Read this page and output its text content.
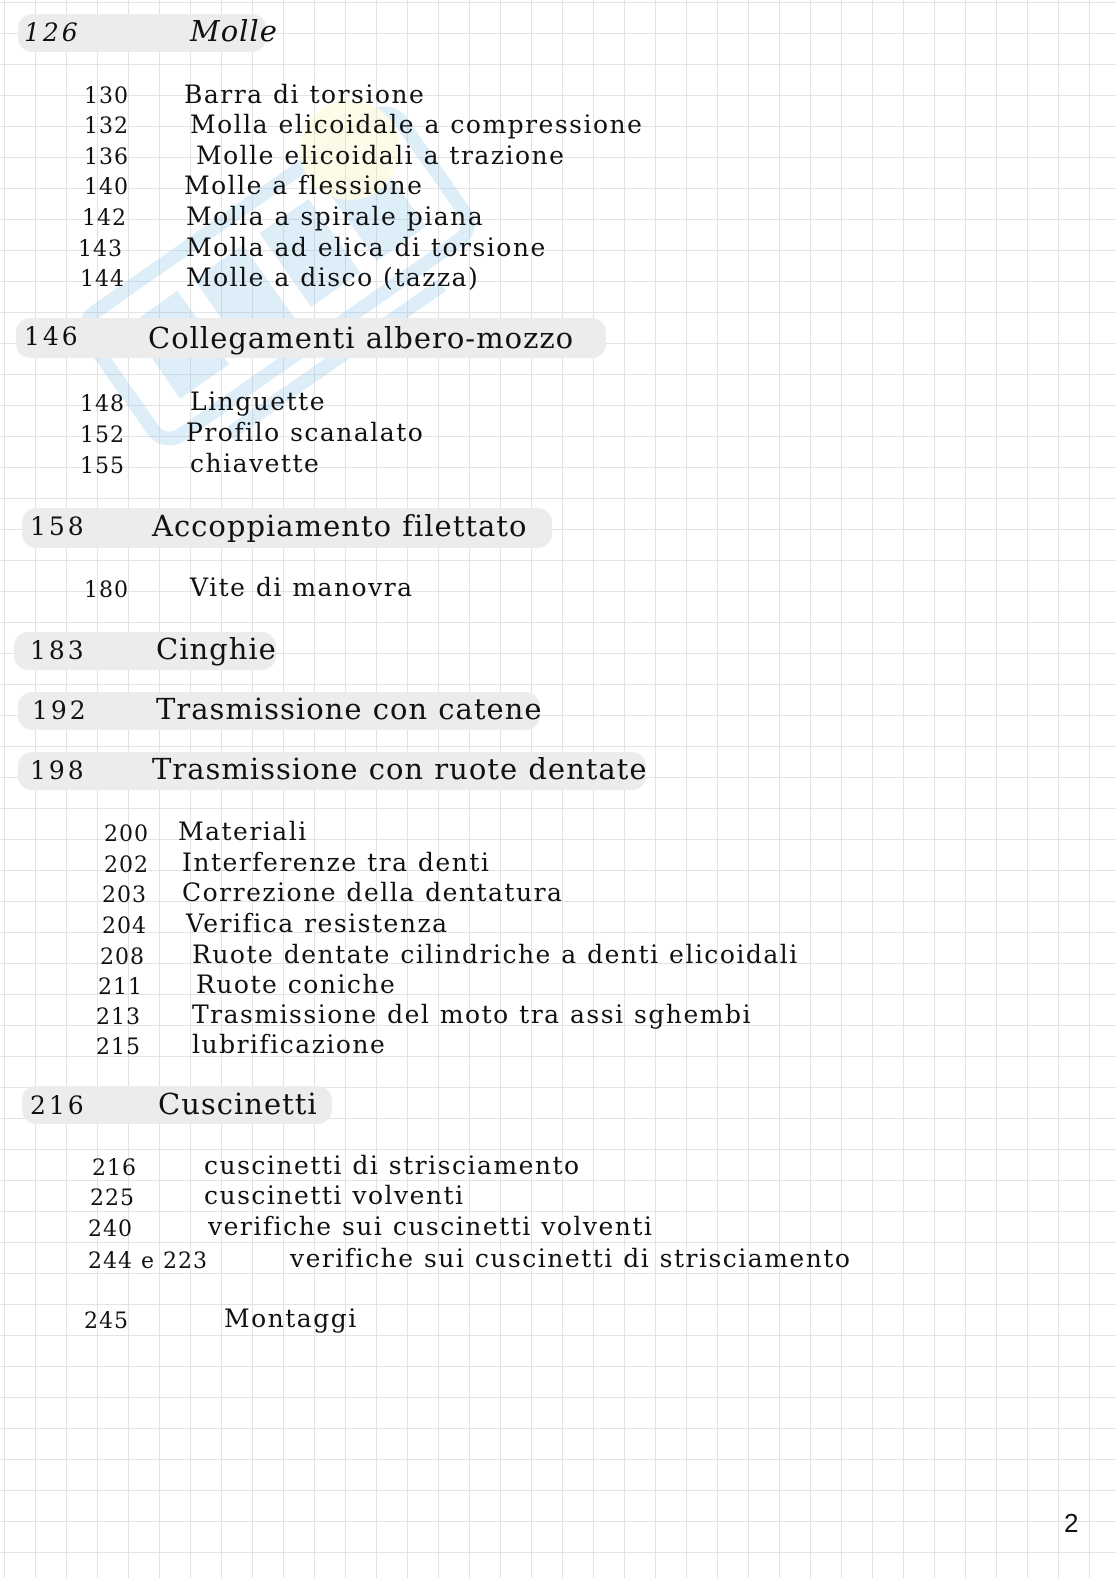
126	Molle
130 Barra di torsione
132 Molla elicoidale a compressione
136	Molle elicoidali a trazione
140 Molle a flessione
142 Molla a spirale piana
143	Molla ad elica di torsione
144 Molle a disco (tazza)
146 Collegamenti albero-mozzo
148	Linguette
152 Profilo scanalato
155	chiavette
158 Accoppiamento filettato
180 Vite di manovra
183 Cinghie
192 Trasmissione con catene
198 Trasmissione con ruote dentate
200 Materiali
202 Interferenze tra denti
203 Correzione della dentatura
204 Verifica resistenza
208 Ruote dentate cilindriche a denti elicoidali
211 Ruote coniche
213 Trasmissione del moto tra assi sghembi
215 lubrificazione
216 Cuscinetti
216	cuscinetti di strisciamento
225	cuscinetti volventi
240	verifiche sui cuscinetti volventi
244 e 223	verifiche sui cuscinetti di strisciamento
245	Montaggi
2
